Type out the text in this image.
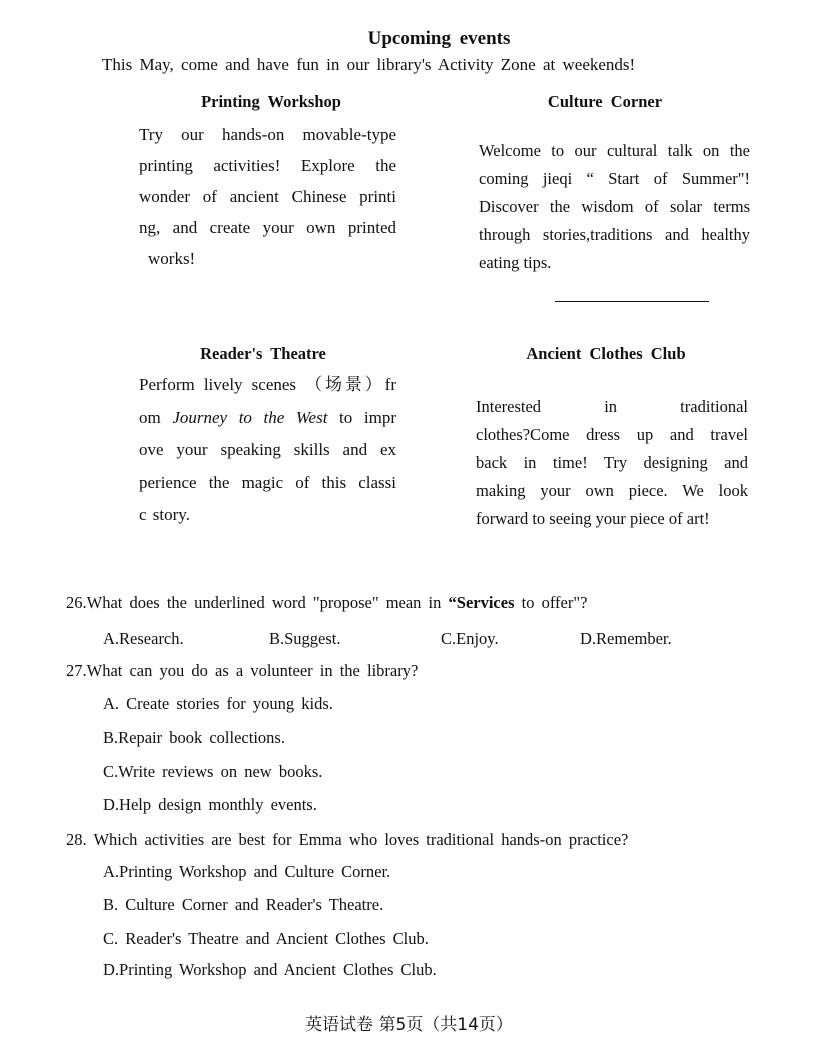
Upcoming events
This May, come and have fun in our library's Activity Zone at weekends!
Printing Workshop
Try our hands-on movable-type
printing activities! Explore the
wonder of ancient Chinese printi
ng, and create your own printed
works!
Culture Corner
Welcome to our cultural talk on the
coming jieqi “ Start of Summer"!
Discover the wisdom of solar terms
through stories,traditions and healthy
eating tips.
Reader's Theatre
Perform lively scenes （场景）fr
om Journey to the West to impr
ove your speaking skills and ex
perience the magic of this classi
c story.
Ancient Clothes Club
Interested in traditional
clothes?Come dress up and travel
back in time! Try designing and
making your own piece. We look
forward to seeing your piece of art!
26.What does the underlined word "propose" mean in “Services to offer"?
A.Research.	B.Suggest.	C.Enjoy.	D.Remember.
27.What can you do as a volunteer in the library?
A. Create stories for young kids.
B.Repair book collections.
C.Write reviews on new books.
D.Help design monthly events.
28. Which activities are best for Emma who loves traditional hands-on practice?
A.Printing Workshop and Culture Corner.
B. Culture Corner and Reader's Theatre.
C. Reader's Theatre and Ancient Clothes Club.
D.Printing Workshop and Ancient Clothes Club.
英语试卷 第5页（共14页）
